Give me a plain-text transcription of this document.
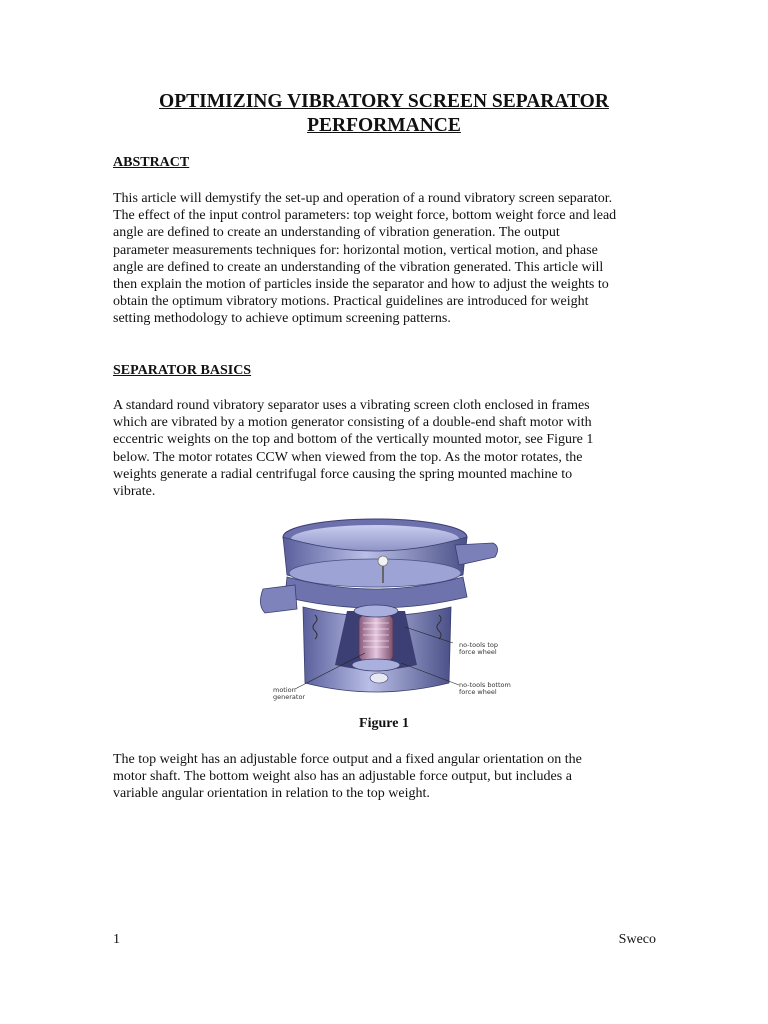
OPTIMIZING VIBRATORY SCREEN SEPARATOR
PERFORMANCE
ABSTRACT
This article will demystify the set-up and operation of a round vibratory screen separator.
The effect of the input control parameters: top weight force, bottom weight force and lead
angle are defined to create an understanding of vibration generation. The output
parameter measurements techniques for: horizontal motion, vertical motion, and phase
angle are defined to create an understanding of the vibration generated. This article will
then explain the motion of particles inside the separator and how to adjust the weights to
obtain the optimum vibratory motions. Practical guidelines are introduced for weight
setting methodology to achieve optimum screening patterns.
SEPARATOR BASICS
A standard round vibratory separator uses a vibrating screen cloth enclosed in frames
which are vibrated by a motion generator consisting of a double-end shaft motor with
eccentric weights on the top and bottom of the vertically mounted motor, see Figure 1
below. The motor rotates CCW when viewed from the top. As the motor rotates, the
weights generate a radial centrifugal force causing the spring mounted machine to
vibrate.
no-tools top
force wheel
no-tools bottom
force wheel
motion
generator
Figure 1
The top weight has an adjustable force output and a fixed angular orientation on the
motor shaft. The bottom weight also has an adjustable force output, but includes a
variable angular orientation in relation to the top weight.
1	Sweco
